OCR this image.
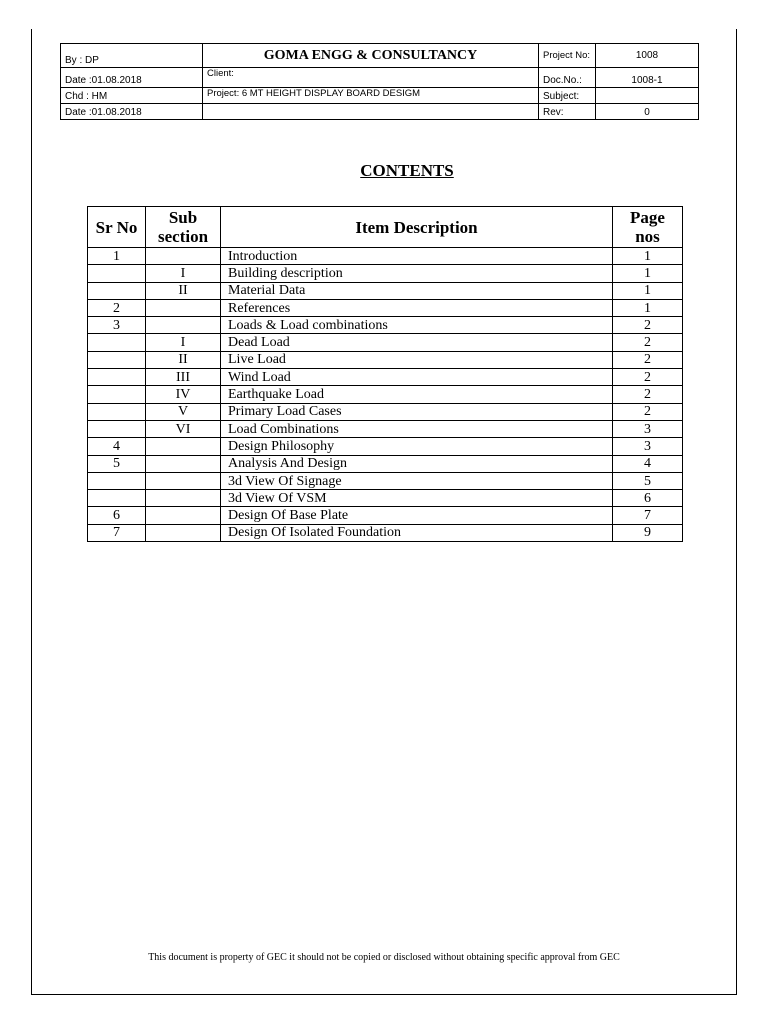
By : DP	GOMA ENGG & CONSULTANCY	Project No:	1008
Date :01.08.2018	Client:	Doc.No.:	1008-1
Chd : HM	Project: 6 MT HEIGHT DISPLAY BOARD DESIGM	Subject:	
Date :01.08.2018		Rev:	0
CONTENTS
Sr No	Sub section	Item Description	Page nos
1		Introduction	1
	I	Building description	1
	II	Material Data	1
2		References	1
3		Loads & Load combinations	2
	I	Dead Load	2
	II	Live Load	2
	III	Wind Load	2
	IV	Earthquake Load	2
	V	Primary Load Cases	2
	VI	Load Combinations	3
4		Design Philosophy	3
5		Analysis And Design	4
		3d View Of Signage	5
		3d View Of VSM	6
6		Design Of Base Plate	7
7		Design Of Isolated Foundation	9
This document is property of GEC it should not be copied or disclosed without obtaining specific approval from GEC
